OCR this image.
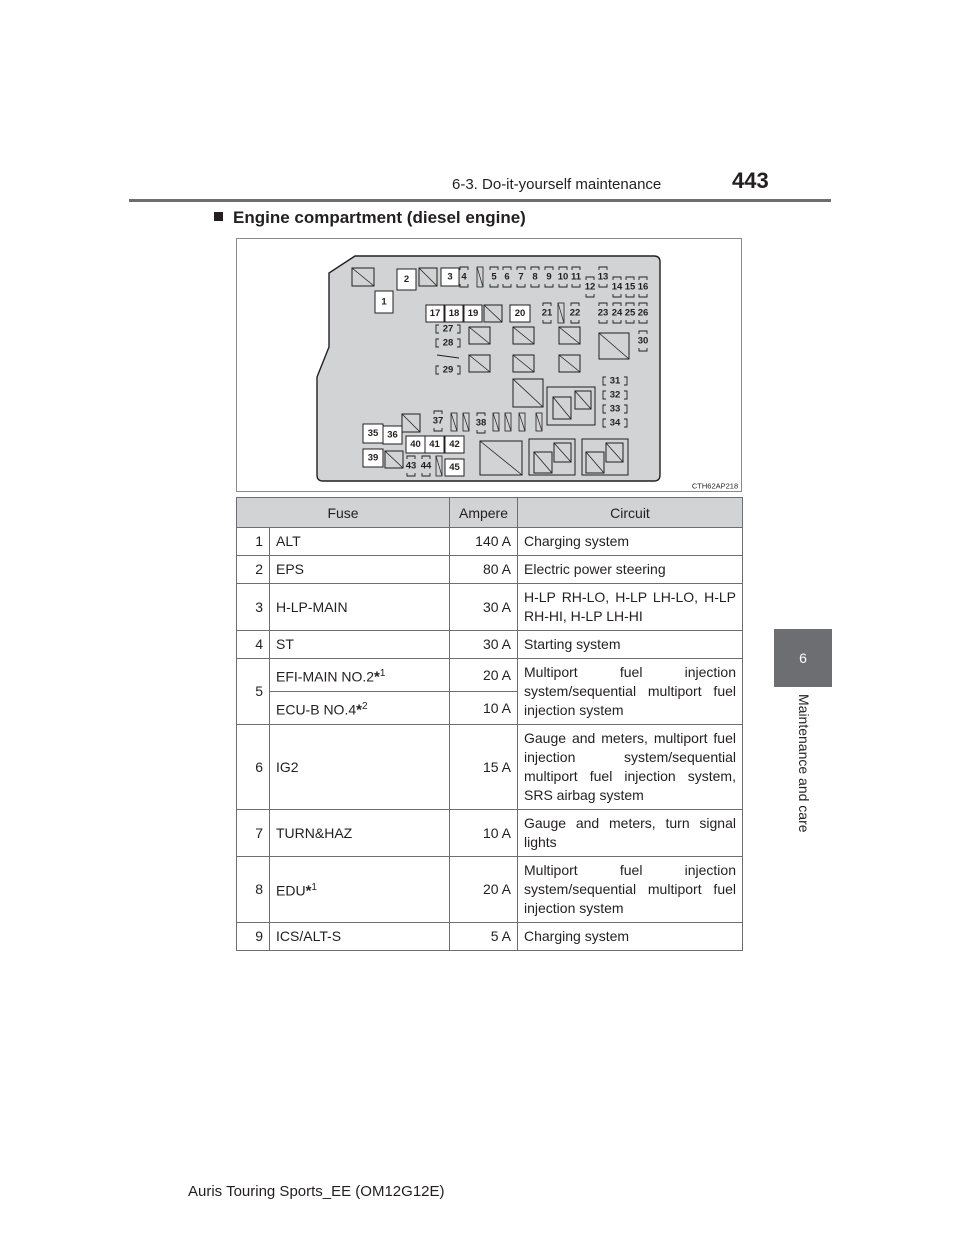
6-3. Do-it-yourself maintenance	443
6
Maintenance and care
Engine compartment (diesel engine)
2
1
3 4	5 6 7 8 9 10 11
12
13
14 15 16
17 18 19	20 21 22 23 24 25 26
27
28
29
30
31
32
33
34
35 36
37	38
40 41 42
39
43 44 45
CTH62AP218
Fuse		Ampere	Circuit
1	ALT	140 A	Charging system
2	EPS	80 A	Electric power steering
3	H-LP-MAIN	30 A	H-LP RH-LO, H-LP LH-LO, H-LP RH-HI, H-LP LH-HI
4	ST	30 A	Starting system
5	EFI-MAIN NO.2*$^1$	20 A	Multiport fuel injection system/sequential multiport fuel injection system
	ECU-B NO.4*$^2$	10 A	
6	IG2	15 A	Gauge and meters, multiport fuel injection system/sequential multiport fuel injection system, SRS airbag system
7	TURN&HAZ	10 A	Gauge and meters, turn signal lights
8	EDU*$^1$	20 A	Multiport fuel injection system/sequential multiport fuel injection system
9	ICS/ALT-S	5 A	Charging system
Auris Touring Sports_EE (OM12G12E)
